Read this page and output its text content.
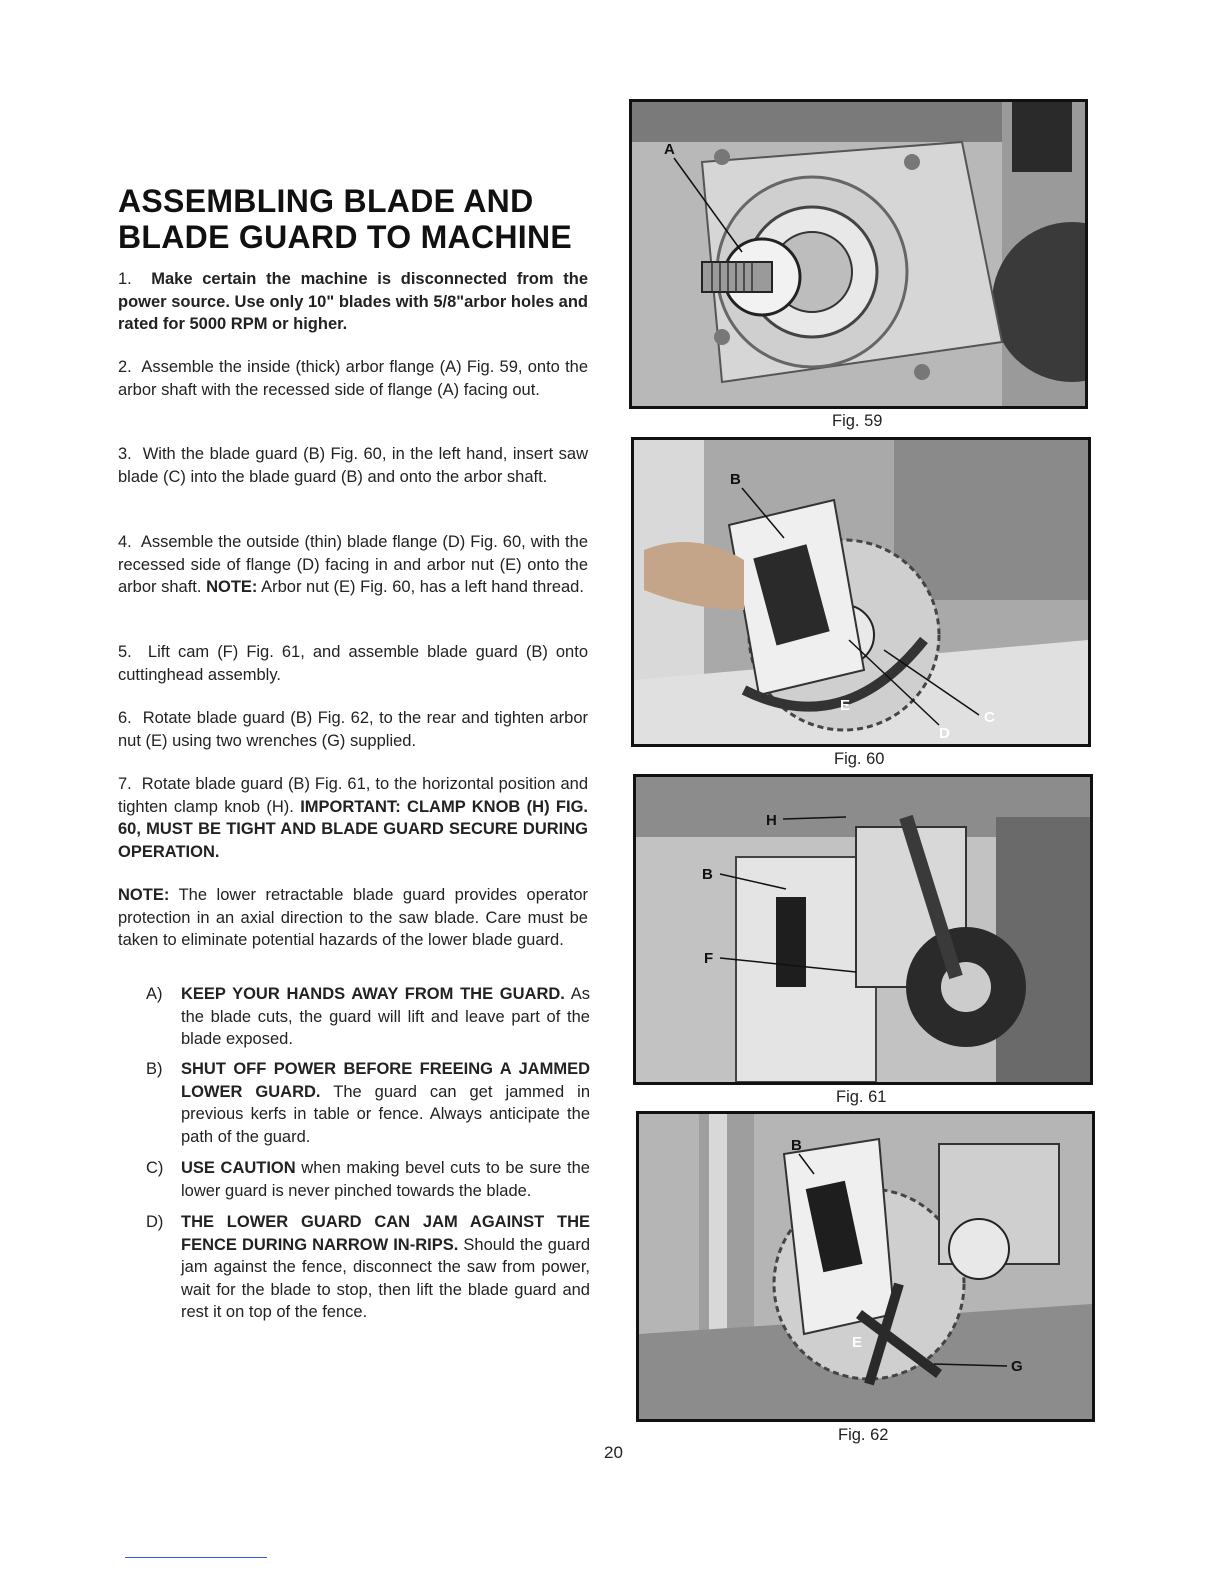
ASSEMBLING BLADE AND BLADE GUARD TO MACHINE

1. Make certain the machine is disconnected from the power source. Use only 10" blades with 5/8"arbor holes and rated for 5000 RPM or higher.

2. Assemble the inside (thick) arbor flange (A) Fig. 59, onto the arbor shaft with the recessed side of flange (A) facing out.

3. With the blade guard (B) Fig. 60, in the left hand, insert saw blade (C) into the blade guard (B) and onto the arbor shaft.

4. Assemble the outside (thin) blade flange (D) Fig. 60, with the recessed side of flange (D) facing in and arbor nut (E) onto the arbor shaft. NOTE: Arbor nut (E) Fig. 60, has a left hand thread.

5. Lift cam (F) Fig. 61, and assemble blade guard (B) onto cuttinghead assembly.

6. Rotate blade guard (B) Fig. 62, to the rear and tighten arbor nut (E) using two wrenches (G) supplied.

7. Rotate blade guard (B) Fig. 61, to the horizontal position and tighten clamp knob (H). IMPORTANT: CLAMP KNOB (H) FIG. 60, MUST BE TIGHT AND BLADE GUARD SECURE DURING OPERATION.

NOTE: The lower retractable blade guard provides operator protection in an axial direction to the saw blade. Care must be taken to eliminate potential hazards of the lower blade guard.

A) KEEP YOUR HANDS AWAY FROM THE GUARD. As the blade cuts, the guard will lift and leave part of the blade exposed.

B) SHUT OFF POWER BEFORE FREEING A JAMMED LOWER GUARD. The guard can get jammed in previous kerfs in table or fence. Always anticipate the path of the guard.

C) USE CAUTION when making bevel cuts to be sure the lower guard is never pinched towards the blade.

D) THE LOWER GUARD CAN JAM AGAINST THE FENCE DURING NARROW IN-RIPS. Should the guard jam against the fence, disconnect the saw from power, wait for the blade to stop, then lift the blade guard and rest it on top of the fence.

A
Fig. 59
B
E
D
C
Fig. 60
H
B
F
Fig. 61
B
E
G
Fig. 62
20
